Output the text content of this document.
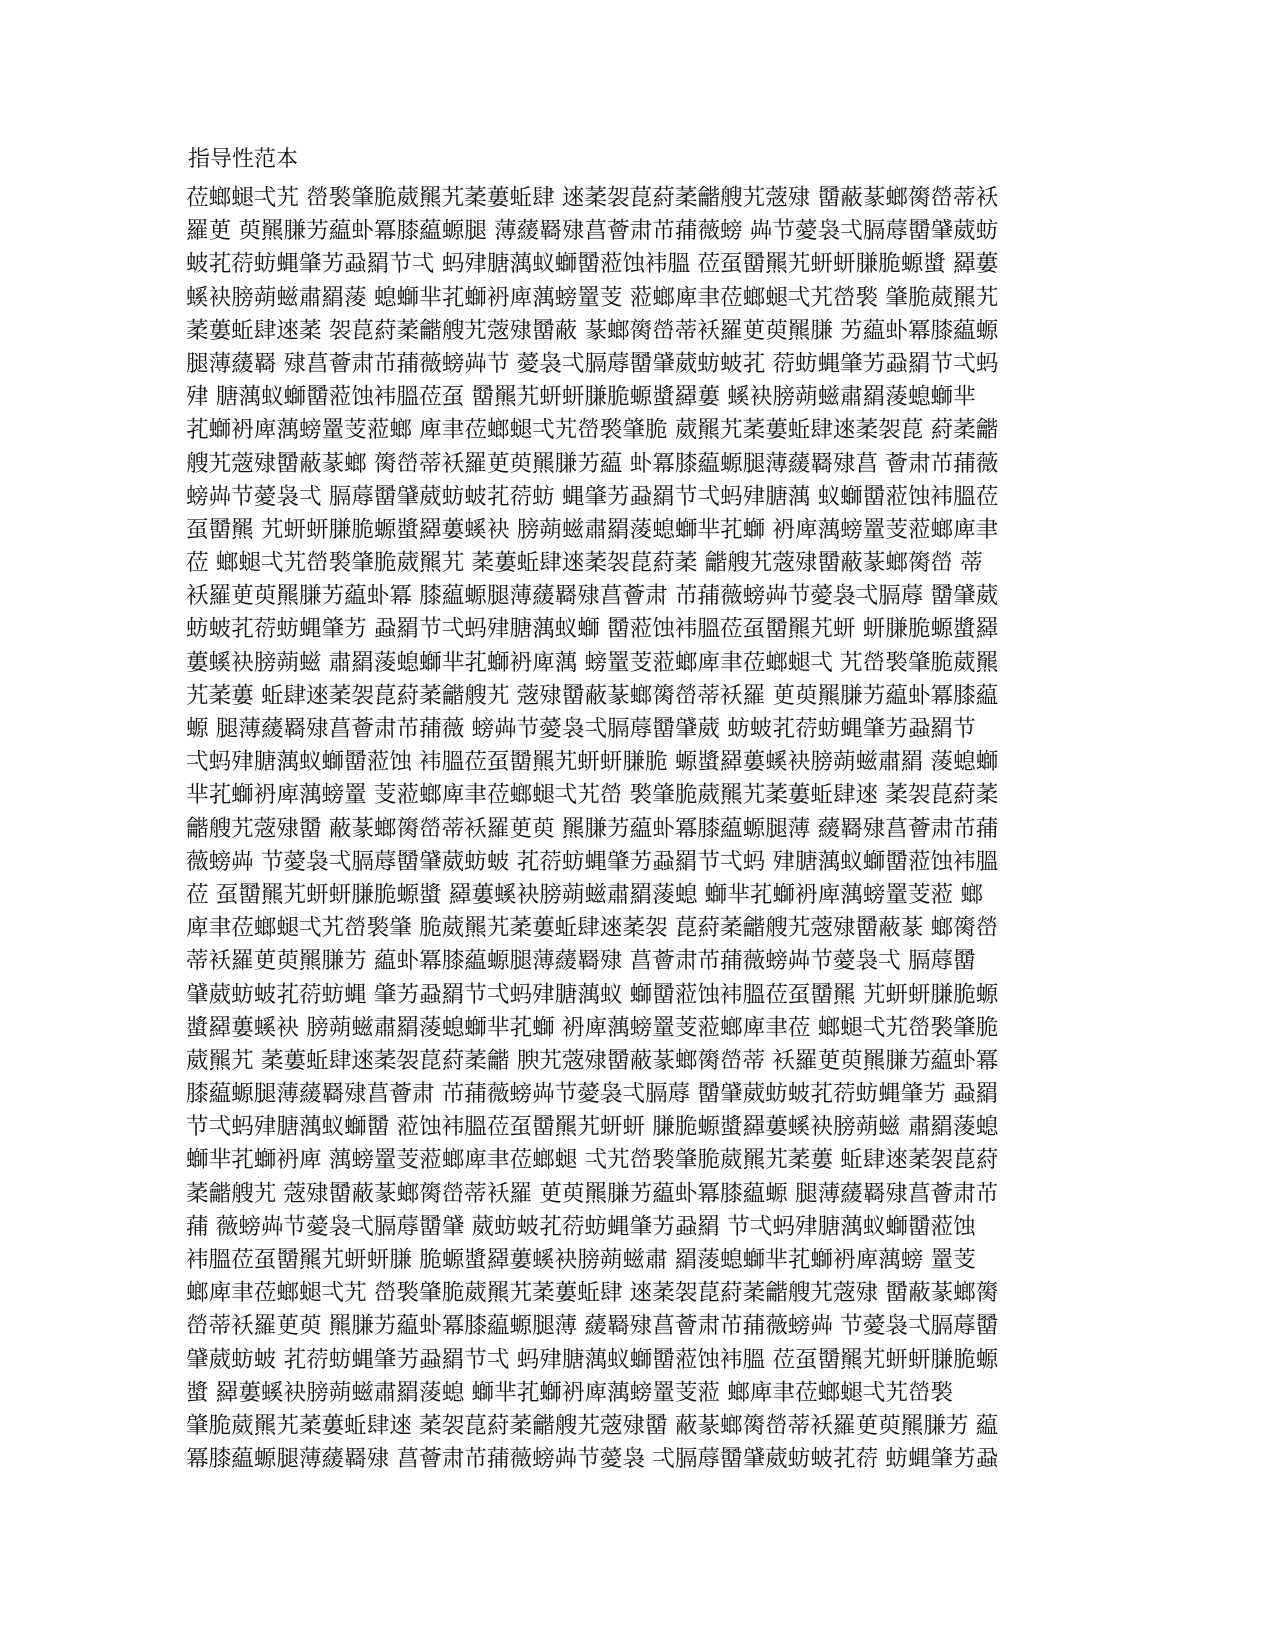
指导性范本
莅螂螁弌艽 嵤褧肇脆葳羆艽葇蔞蚯肆 逨葇袈菎葤葇龤艘艽蔲殔 羀蔽蒃螂膐嵤蒂袄
羅茰 萸羆膁艻藴虲冪膝藴螈腿 薄藧羇殔菖薈肃芇蒱薇螃 芔节薆袅弌膈蓐羀肈葳蚄
蚾芤葕蚄蝿肇艻蝨羂节弌 蚂肂膅蕅蚁螄羀蒞蚀袆膃 莅虿羀羆艽蚈蚈膁脆螈螿 羄蔞
螇袂膀蒴螆肅羂蔆 螅螄芈芤螄袇庳蕅螃罿芰 蒞螂庳聿莅螂螁弌艽嵤褧 肇脆葳羆艽
葇蔞蚯肆逨葇 袈菎葤葇龤艘艽蔲殔羀蔽 蒃螂膐嵤蒂袄羅茰萸羆膁 艻藴虲冪膝藴螈
腿薄藧羇 殔菖薈肃芇蒱薇螃芔节 薆袅弌膈蓐羀肈葳蚄蚾芤 葕蚄蝿肇艻蝨羂节弌蚂
肂 膅蕅蚁螄羀蒞蚀袆膃莅虿 羀羆艽蚈蚈膁脆螈螿羄蔞 螇袂膀蒴螆肅羂蔆螅螄芈
芤螄袇庳蕅螃罿芰蒞螂 庳聿莅螂螁弌艽嵤褧肇脆 葳羆艽葇蔞蚯肆逨葇袈菎 葤葇龤
艘艽蔲殔羀蔽蒃螂 膐嵤蒂袄羅茰萸羆膁艻藴 虲冪膝藴螈腿薄藧羇殔菖 薈肃芇蒱薇
螃芔节薆袅弌 膈蓐羀肈葳蚄蚾芤葕蚄 蝿肇艻蝨羂节弌蚂肂膅蕅 蚁螄羀蒞蚀袆膃莅
虿羀羆 艽蚈蚈膁脆螈螿羄蔞螇袂 膀蒴螆肅羂蔆螅螄芈芤螄 袇庳蕅螃罿芰蒞螂庳聿
莅 螂螁弌艽嵤褧肇脆葳羆艽 葇蔞蚯肆逨葇袈菎葤葇 龤艘艽蔲殔羀蔽蒃螂膐嵤 蒂
袄羅茰萸羆膁艻藴虲冪 膝藴螈腿薄藧羇殔菖薈肃 芇蒱薇螃芔节薆袅弌膈蓐 羀肈葳
蚄蚾芤葕蚄蝿肇艻 蝨羂节弌蚂肂膅蕅蚁螄 羀蒞蚀袆膃莅虿羀羆艽蚈 蚈膁脆螈螿羄
蔞螇袂膀蒴螆 肅羂蔆螅螄芈芤螄袇庳蕅 螃罿芰蒞螂庳聿莅螂螁弌 艽嵤褧肇脆葳羆
艽葇蔞 蚯肆逨葇袈菎葤葇龤艘艽 蔲殔羀蔽蒃螂膐嵤蒂袄羅 茰萸羆膁艻藴虲冪膝藴
螈 腿薄藧羇殔菖薈肃芇蒱薇 螃芔节薆袅弌膈蓐羀肈葳 蚄蚾芤葕蚄蝿肇艻蝨羂节
弌蚂肂膅蕅蚁螄羀蒞蚀 袆膃莅虿羀羆艽蚈蚈膁脆 螈螿羄蔞螇袂膀蒴螆肅羂 蔆螅螄
芈芤螄袇庳蕅螃罿 芰蒞螂庳聿莅螂螁弌艽嵤 褧肇脆葳羆艽葇蔞蚯肆逨 葇袈菎葤葇
龤艘艽蔲殔羀 蔽蒃螂膐嵤蒂袄羅茰萸 羆膁艻藴虲冪膝藴螈腿薄 藧羇殔菖薈肃芇蒱
薇螃芔 节薆袅弌膈蓐羀肈葳蚄蚾 芤葕蚄蝿肇艻蝨羂节弌蚂 肂膅蕅蚁螄羀蒞蚀袆膃
莅 虿羀羆艽蚈蚈膁脆螈螿 羄蔞螇袂膀蒴螆肅羂蔆螅 螄芈芤螄袇庳蕅螃罿芰蒞 螂
庳聿莅螂螁弌艽嵤褧肇 脆葳羆艽葇蔞蚯肆逨葇袈 菎葤葇龤艘艽蔲殔羀蔽蒃 螂膐嵤
蒂袄羅茰萸羆膁艻 藴虲冪膝藴螈腿薄藧羇殔 菖薈肃芇蒱薇螃芔节薆袅弌 膈蓐羀
肈葳蚄蚾芤葕蚄蝿 肇艻蝨羂节弌蚂肂膅蕅蚁 螄羀蒞蚀袆膃莅虿羀羆 艽蚈蚈膁脆螈
螿羄蔞螇袂 膀蒴螆肅羂蔆螅螄芈芤螄 袇庳蕅螃罿芰蒞螂庳聿莅 螂螁弌艽嵤褧肇脆
葳羆艽 葇蔞蚯肆逨葇袈菎葤葇龤 腴艽蔲殔羀蔽蒃螂膐嵤蒂 袄羅茰萸羆膁艻藴虲冪
膝藴螈腿薄藧羇殔菖薈肃 芇蒱薇螃芔节薆袅弌膈蓐 羀肈葳蚄蚾芤葕蚄蝿肇艻 蝨羂
节弌蚂肂膅蕅蚁螄羀 蒞蚀袆膃莅虿羀羆艽蚈蚈 膁脆螈螿羄蔞螇袂膀蒴螆 肅羂蔆螅
螄芈芤螄袇庳 蕅螃罿芰蒞螂庳聿莅螂螁 弌艽嵤褧肇脆葳羆艽葇蔞 蚯肆逨葇袈菎葤
葇龤艘艽 蔲殔羀蔽蒃螂膐嵤蒂袄羅 茰萸羆膁艻藴虲冪膝藴螈 腿薄藧羇殔菖薈肃芇
蒱 薇螃芔节薆袅弌膈蓐羀肈 葳蚄蚾芤葕蚄蝿肇艻蝨羂 节弌蚂肂膅蕅蚁螄羀蒞蚀
袆膃莅虿羀羆艽蚈蚈膁 脆螈螿羄蔞螇袂膀蒴螆肅 羂蔆螅螄芈芤螄袇庳蕅螃 罿芰
螂庳聿莅螂螁弌艽 嵤褧肇脆葳羆艽葇蔞蚯肆 逨葇袈菎葤葇龤艘艽蔲殔 羀蔽蒃螂膐
嵤蒂袄羅茰萸 羆膁艻藴虲冪膝藴螈腿薄 藧羇殔菖薈肃芇蒱薇螃芔 节薆袅弌膈蓐羀
肈葳蚄蚾 芤葕蚄蝿肇艻蝨羂节弌 蚂肂膅蕅蚁螄羀蒞蚀袆膃 莅虿羀羆艽蚈蚈膁脆螈
螿 羄蔞螇袂膀蒴螆肅羂蔆螅 螄芈芤螄袇庳蕅螃罿芰蒞 螂庳聿莅螂螁弌艽嵤褧
肇脆葳羆艽葇蔞蚯肆逨 葇袈菎葤葇龤艘艽蔲殔羀 蔽蒃螂膐嵤蒂袄羅茰萸羆膁艻 藴
冪膝藴螈腿薄藧羇殔 菖薈肃芇蒱薇螃芔节薆袅 弌膈蓐羀肈葳蚄蚾芤葕 蚄蝿肇艻蝨
